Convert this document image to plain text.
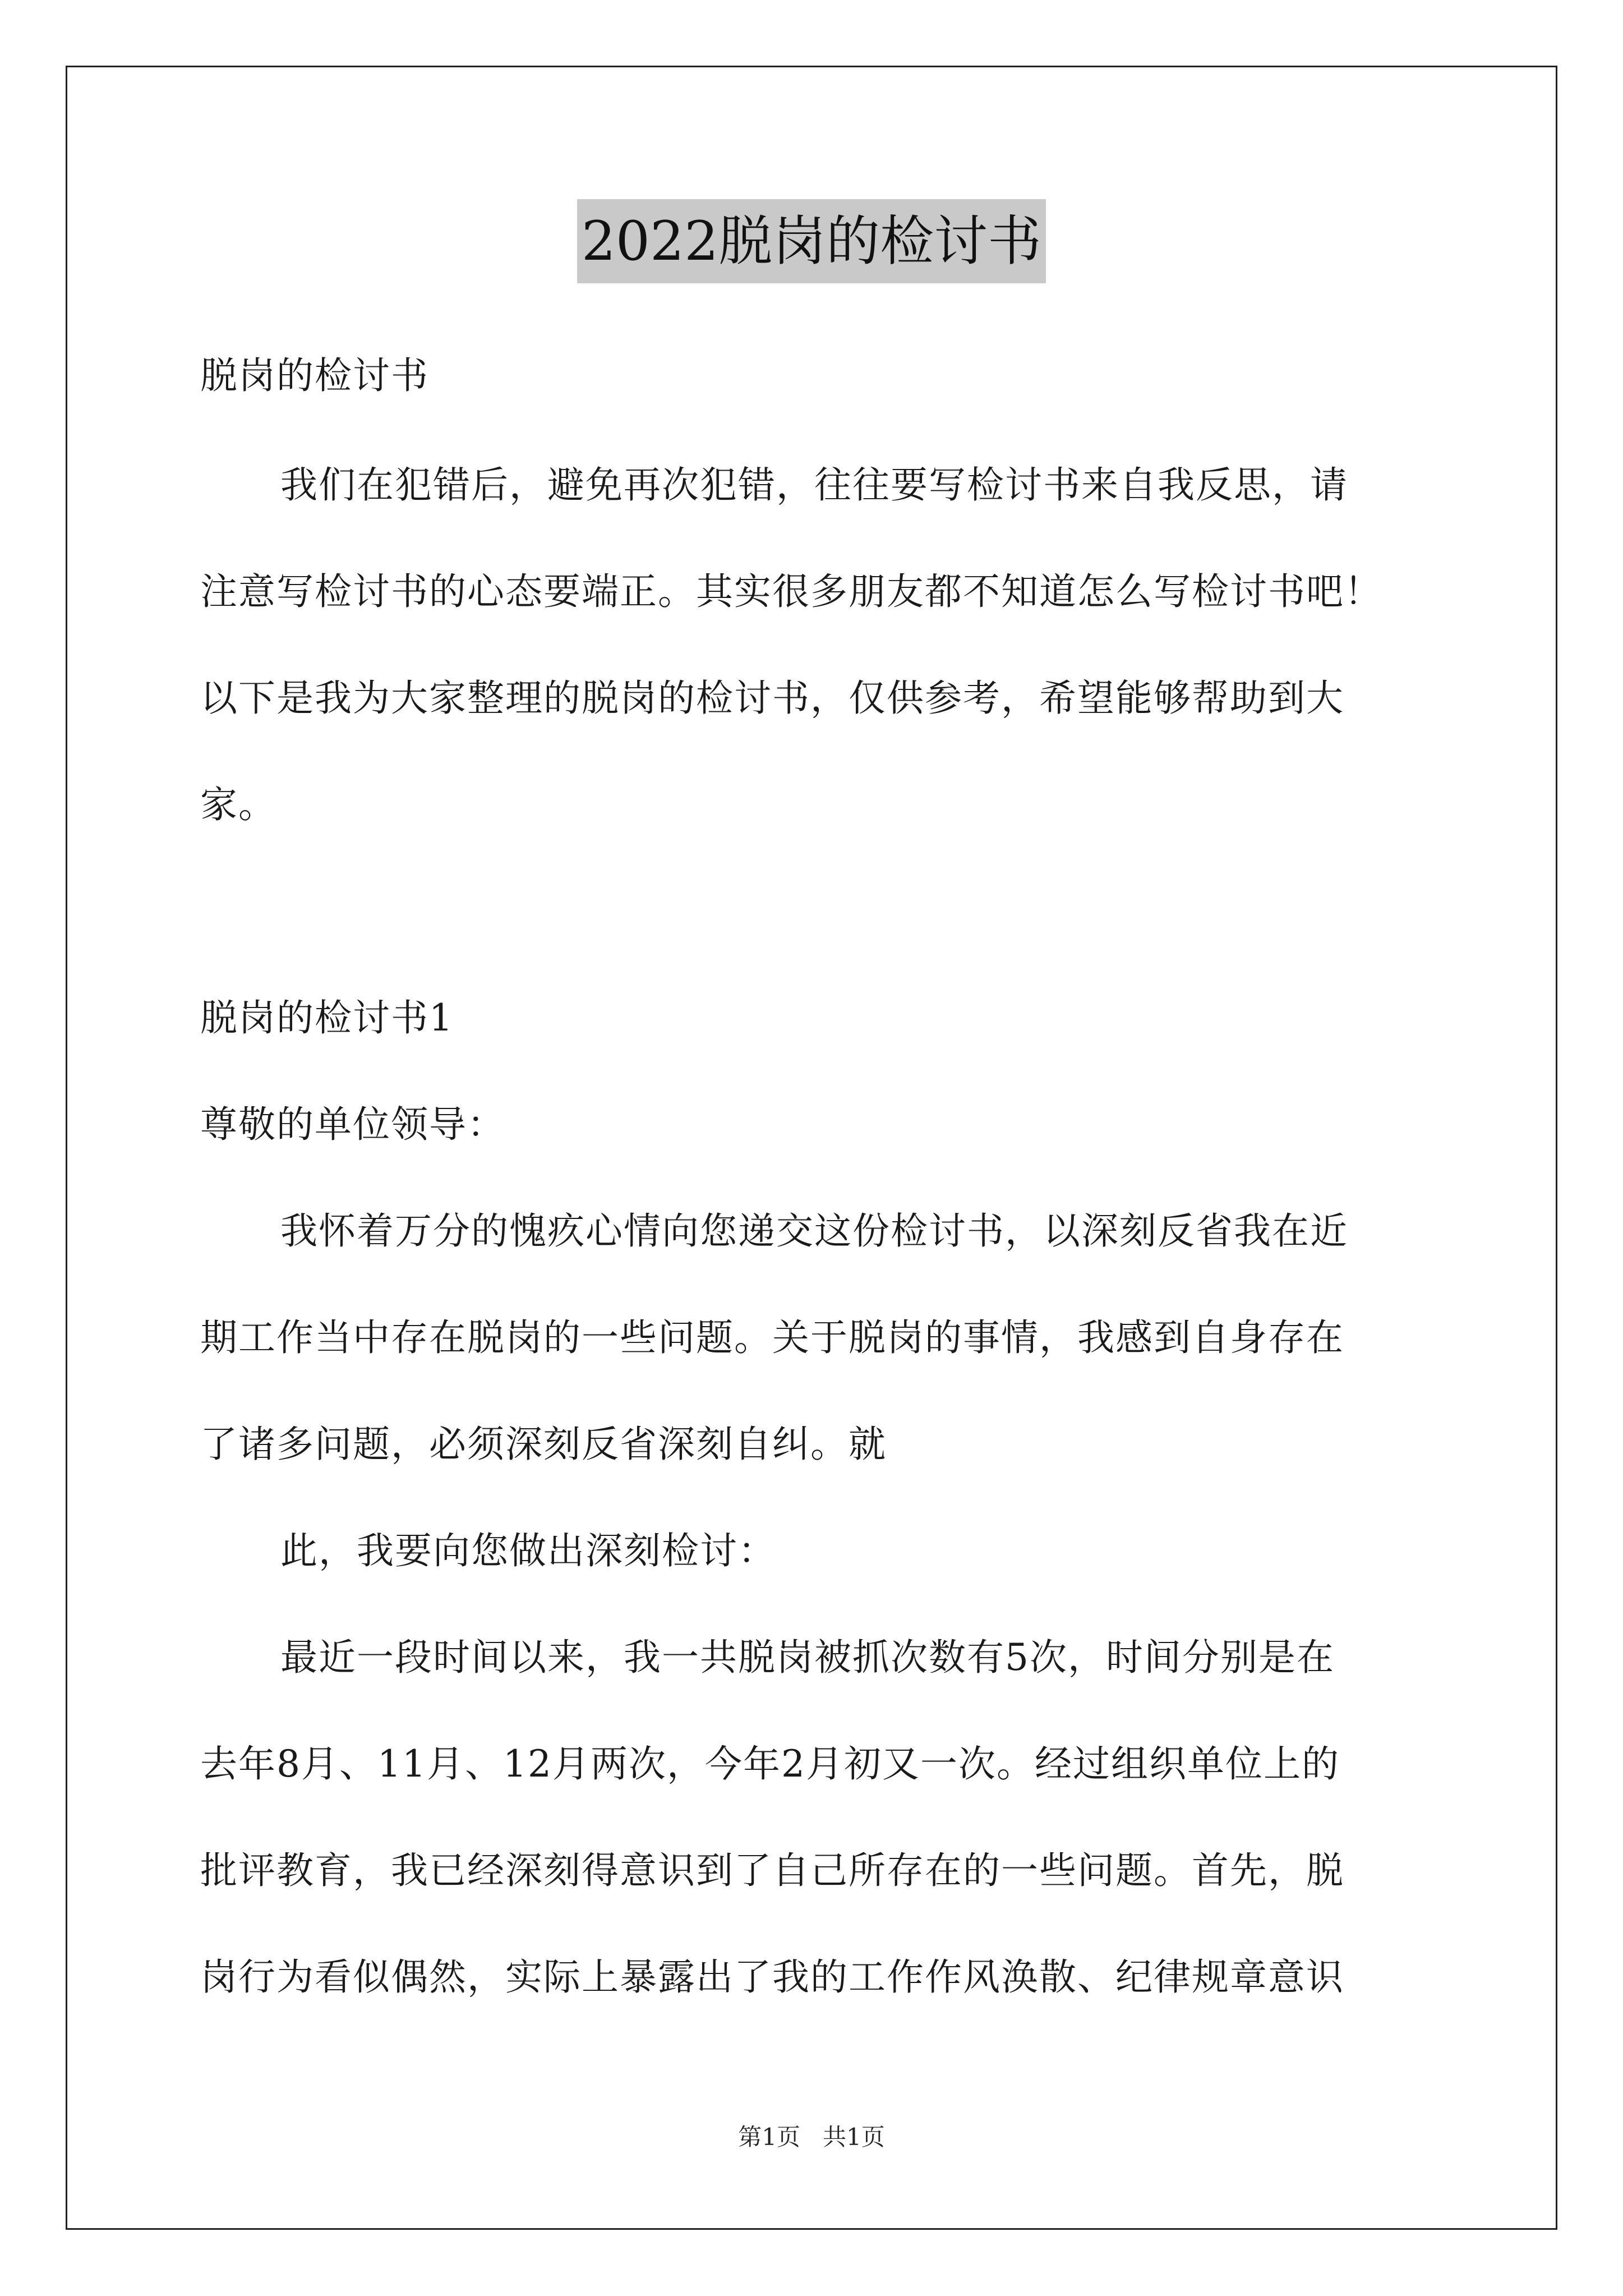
2022脱岗的检讨书
脱岗的检讨书
我们在犯错后，避免再次犯错，往往要写检讨书来自我反思，请
注意写检讨书的心态要端正。其实很多朋友都不知道怎么写检讨书吧！
以下是我为大家整理的脱岗的检讨书，仅供参考，希望能够帮助到大
家。
脱岗的检讨书1
尊敬的单位领导：
我怀着万分的愧疚心情向您递交这份检讨书，以深刻反省我在近
期工作当中存在脱岗的一些问题。关于脱岗的事情，我感到自身存在
了诸多问题，必须深刻反省深刻自纠。就
此，我要向您做出深刻检讨：
最近一段时间以来，我一共脱岗被抓次数有5次，时间分别是在
去年8月、11月、12月两次，今年2月初又一次。经过组织单位上的
批评教育，我已经深刻得意识到了自己所存在的一些问题。首先，脱
岗行为看似偶然，实际上暴露出了我的工作作风涣散、纪律规章意识
第1页 共1页
